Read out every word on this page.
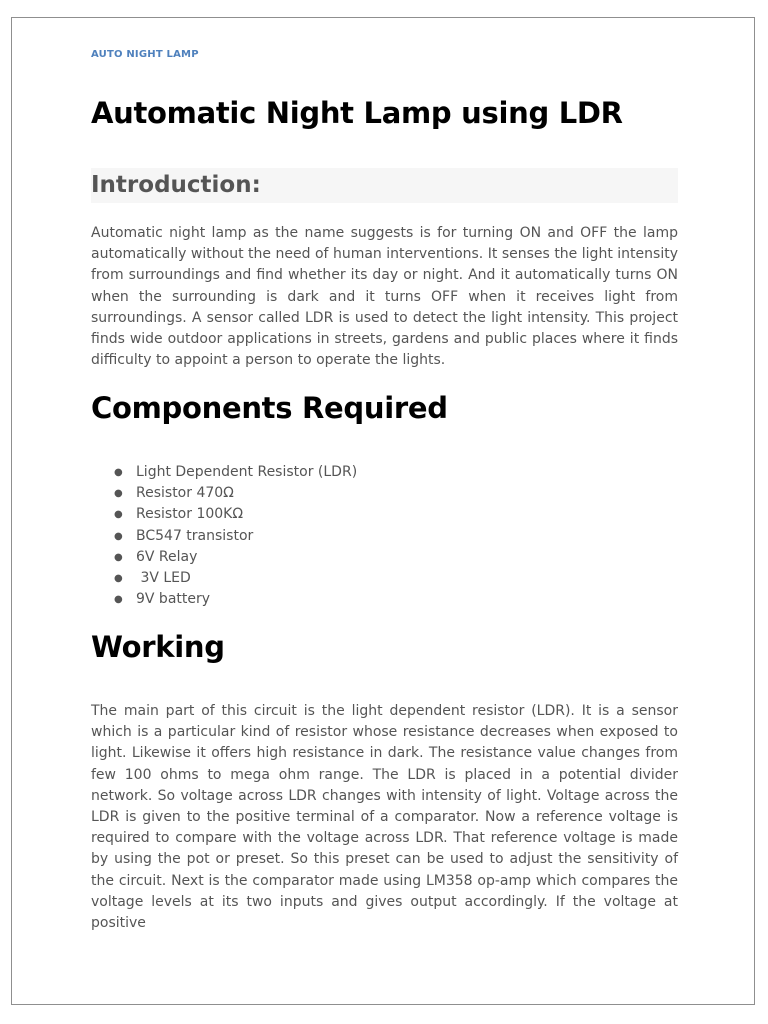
AUTO NIGHT LAMP
Automatic Night Lamp using LDR
Introduction:

Automatic night lamp as the name suggests is for turning ON and OFF the lamp automatically without the need of human interventions. It senses the light intensity from surroundings and find whether its day or night. And it automatically turns ON when the surrounding is dark and it turns OFF when it receives light from surroundings. A sensor called LDR is used to detect the light intensity. This project finds wide outdoor applications in streets, gardens and public places where it finds difficulty to appoint a person to operate the lights.

Components Required
● Light Dependent Resistor (LDR)
● Resistor 470Ω
● Resistor 100KΩ
● BC547 transistor
● 6V Relay
● 3V LED
● 9V battery
Working

The main part of this circuit is the light dependent resistor (LDR). It is a sensor which is a particular kind of resistor whose resistance decreases when exposed to light. Likewise it offers high resistance in dark. The resistance value changes from few 100 ohms to mega ohm range. The LDR is placed in a potential divider network. So voltage across LDR changes with intensity of light. Voltage across the LDR is given to the positive terminal of a comparator. Now a reference voltage is required to compare with the voltage across LDR. That reference voltage is made by using the pot or preset. So this preset can be used to adjust the sensitivity of the circuit. Next is the comparator made using LM358 op-amp which compares the voltage levels at its two inputs and gives output accordingly. If the voltage at positive
